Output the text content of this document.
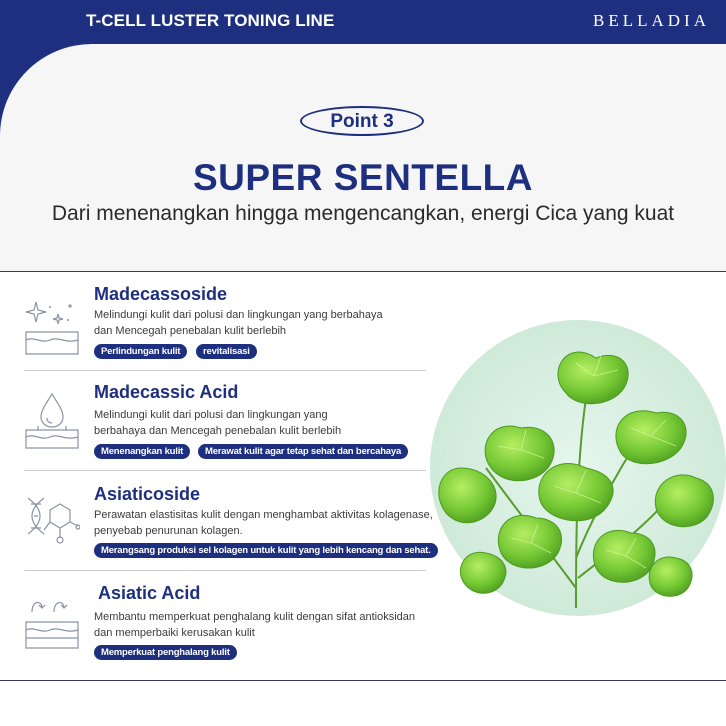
T-CELL LUSTER TONING LINE	BELLADIA
Point 3
SUPER SENTELLA
Dari menenangkan hingga mengencangkan, energi Cica yang kuat
Madecassoside
Melindungi kulit dari polusi dan lingkungan yang berbahaya
dan Mencegah penebalan kulit berlebih
Perlindungan kulit	revitalisasi
Madecassic Acid
Melindungi kulit dari polusi dan lingkungan yang
berbahaya dan Mencegah penebalan kulit berlebih
Menenangkan kulit	Merawat kulit agar tetap sehat dan bercahaya
Asiaticoside
Perawatan elastisitas kulit dengan menghambat aktivitas kolagenase,
penyebab penurunan kolagen.
Merangsang produksi sel kolagen untuk kulit yang lebih kencang dan sehat.
Asiatic Acid
Membantu memperkuat penghalang kulit dengan sifat antioksidan
dan memperbaiki kerusakan kulit
Memperkuat penghalang kulit
